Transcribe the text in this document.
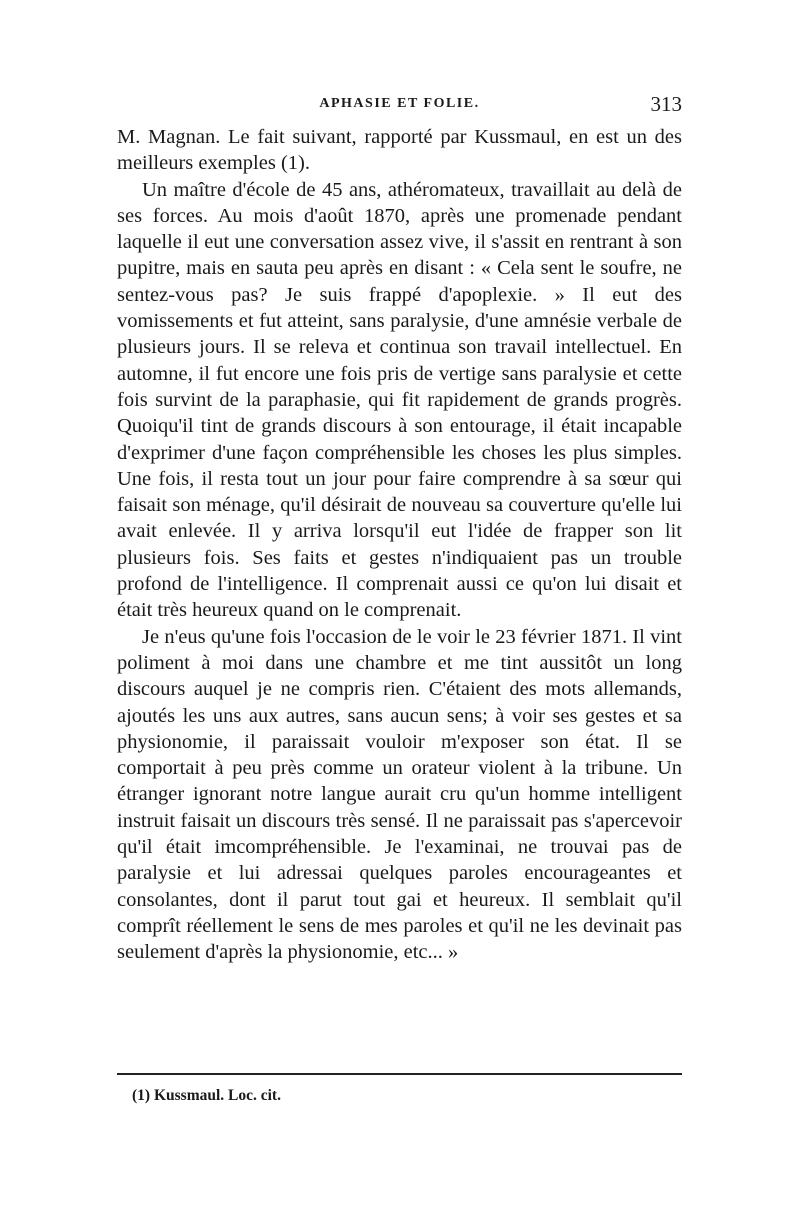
APHASIE ET FOLIE.	313

M. Magnan. Le fait suivant, rapporté par Kussmaul, en est un des meilleurs exemples (1).

Un maître d'école de 45 ans, athéromateux, travaillait au delà de ses forces. Au mois d'août 1870, après une promenade pendant laquelle il eut une conversation assez vive, il s'assit en rentrant à son pupitre, mais en sauta peu après en disant : « Cela sent le soufre, ne sentez-vous pas? Je suis frappé d'apoplexie. » Il eut des vomissements et fut atteint, sans paralysie, d'une amnésie verbale de plusieurs jours. Il se releva et continua son travail intellectuel. En automne, il fut encore une fois pris de vertige sans paralysie et cette fois survint de la paraphasie, qui fit rapidement de grands progrès. Quoiqu'il tint de grands discours à son entourage, il était incapable d'exprimer d'une façon compréhensible les choses les plus simples. Une fois, il resta tout un jour pour faire comprendre à sa sœur qui faisait son ménage, qu'il désirait de nouveau sa couverture qu'elle lui avait enlevée. Il y arriva lorsqu'il eut l'idée de frapper son lit plusieurs fois. Ses faits et gestes n'indiquaient pas un trouble profond de l'intelligence. Il comprenait aussi ce qu'on lui disait et était très heureux quand on le comprenait.

Je n'eus qu'une fois l'occasion de le voir le 23 février 1871. Il vint poliment à moi dans une chambre et me tint aussitôt un long discours auquel je ne compris rien. C'étaient des mots allemands, ajoutés les uns aux autres, sans aucun sens; à voir ses gestes et sa physionomie, il paraissait vouloir m'exposer son état. Il se comportait à peu près comme un orateur violent à la tribune. Un étranger ignorant notre langue aurait cru qu'un homme intelligent instruit faisait un discours très sensé. Il ne paraissait pas s'apercevoir qu'il était imcompréhensible. Je l'examinai, ne trouvai pas de paralysie et lui adressai quelques paroles encourageantes et consolantes, dont il parut tout gai et heureux. Il semblait qu'il comprît réellement le sens de mes paroles et qu'il ne les devinait pas seulement d'après la physionomie, etc... »

(1) Kussmaul. Loc. cit.
